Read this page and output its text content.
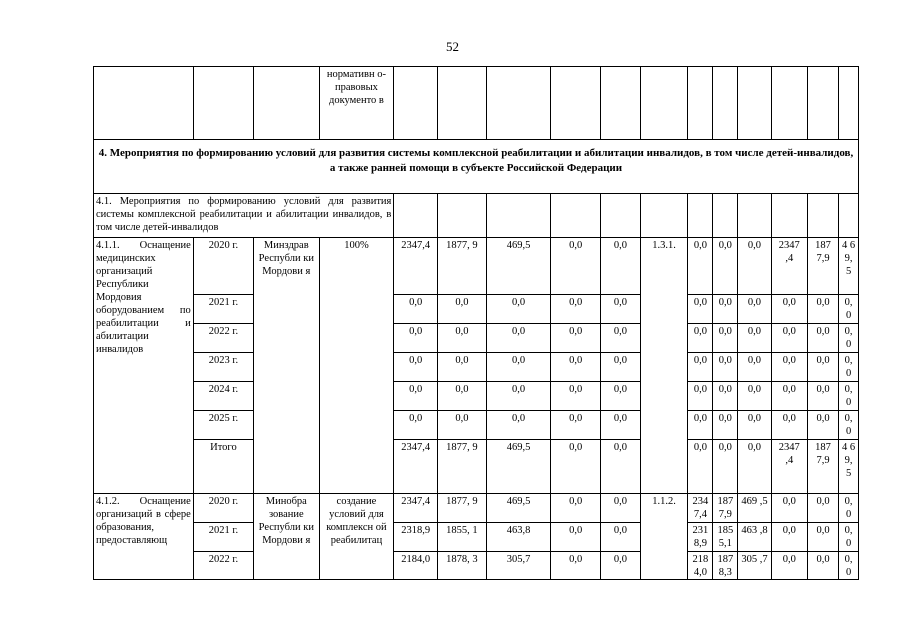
52
			нормативн о-правовых документо в												
4. Мероприятия по формированию условий для развития системы комплексной реабилитации и абилитации инвалидов, в том числе детей-инвалидов, а также ранней помощи в субъекте Российской Федерации															
4.1. Мероприятия по формированию условий для развития системы комплексной реабилитации и абилитации инвалидов, в том числе детей-инвалидов															
4.1.1. Оснащение медицинских организаций Республики Мордовия оборудованием по реабилитации и абилитации инвалидов	2020 г.	Минздрав Республи ки Мордови я	100%	2347,4	1877, 9	469,5	0,0	0,0	1.3.1.	0,0	0,0	0,0	2347 ,4	187 7,9	4 6 9, 5
	2021 г.			0,0	0,0	0,0	0,0	0,0		0,0	0,0	0,0	0,0	0,0	0, 0
	2022 г.			0,0	0,0	0,0	0,0	0,0		0,0	0,0	0,0	0,0	0,0	0, 0
	2023 г.			0,0	0,0	0,0	0,0	0,0		0,0	0,0	0,0	0,0	0,0	0, 0
	2024 г.			0,0	0,0	0,0	0,0	0,0		0,0	0,0	0,0	0,0	0,0	0, 0
	2025 г.			0,0	0,0	0,0	0,0	0,0		0,0	0,0	0,0	0,0	0,0	0, 0
	Итого			2347,4	1877, 9	469,5	0,0	0,0		0,0	0,0	0,0	2347 ,4	187 7,9	4 6 9, 5
4.1.2. Оснащение организаций в сфере образования, предоставляющ	2020 г.	Минобра зование Республи ки Мордови я	создание условий для комплексн ой реабилитац	2347,4	1877, 9	469,5	0,0	0,0	1.1.2.	234 7,4	187 7,9	469 ,5	0,0	0,0	0, 0
	2021 г.			2318,9	1855, 1	463,8	0,0	0,0		231 8,9	185 5,1	463 ,8	0,0	0,0	0, 0
	2022 г.			2184,0	1878, 3	305,7	0,0	0,0		218 4,0	187 8,3	305 ,7	0,0	0,0	0, 0
